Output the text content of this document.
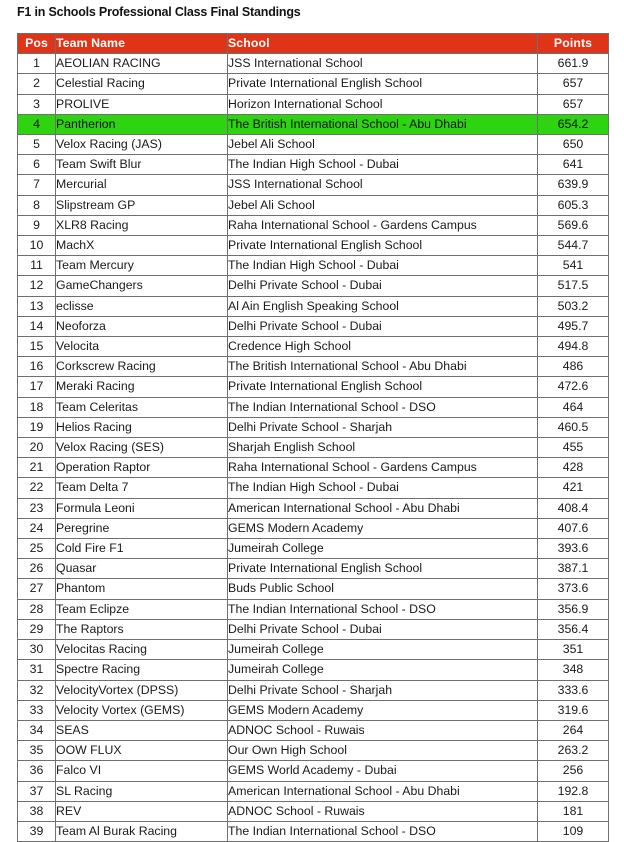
F1 in Schools Professional Class Final Standings
Pos	Team Name	School	Points
1	AEOLIAN RACING	JSS International School	661.9
2	Celestial Racing	Private International English School	657
3	PROLIVE	Horizon International School	657
4	Pantherion	The British International School - Abu Dhabi	654.2
5	Velox Racing (JAS)	Jebel Ali School	650
6	Team Swift Blur	The Indian High School - Dubai	641
7	Mercurial	JSS International School	639.9
8	Slipstream GP	Jebel Ali School	605.3
9	XLR8 Racing	Raha International School - Gardens Campus	569.6
10	MachX	Private International English School	544.7
11	Team Mercury	The Indian High School - Dubai	541
12	GameChangers	Delhi Private School - Dubai	517.5
13	eclisse	Al Ain English Speaking School	503.2
14	Neoforza	Delhi Private School - Dubai	495.7
15	Velocita	Credence High School	494.8
16	Corkscrew Racing	The British International School - Abu Dhabi	486
17	Meraki Racing	Private International English School	472.6
18	Team Celeritas	The Indian International School - DSO	464
19	Helios Racing	Delhi Private School - Sharjah	460.5
20	Velox Racing (SES)	Sharjah English School	455
21	Operation Raptor	Raha International School - Gardens Campus	428
22	Team Delta 7	The Indian High School - Dubai	421
23	Formula Leoni	American International School - Abu Dhabi	408.4
24	Peregrine	GEMS Modern Academy	407.6
25	Cold Fire F1	Jumeirah College	393.6
26	Quasar	Private International English School	387.1
27	Phantom	Buds Public School	373.6
28	Team Eclipze	The Indian International School - DSO	356.9
29	The Raptors	Delhi Private School - Dubai	356.4
30	Velocitas Racing	Jumeirah College	351
31	Spectre Racing	Jumeirah College	348
32	VelocityVortex (DPSS)	Delhi Private School - Sharjah	333.6
33	Velocity Vortex (GEMS)	GEMS Modern Academy	319.6
34	SEAS	ADNOC School - Ruwais	264
35	OOW FLUX	Our Own High School	263.2
36	Falco VI	GEMS World Academy - Dubai	256
37	SL Racing	American International School - Abu Dhabi	192.8
38	REV	ADNOC School - Ruwais	181
39	Team Al Burak Racing	The Indian International School - DSO	109
